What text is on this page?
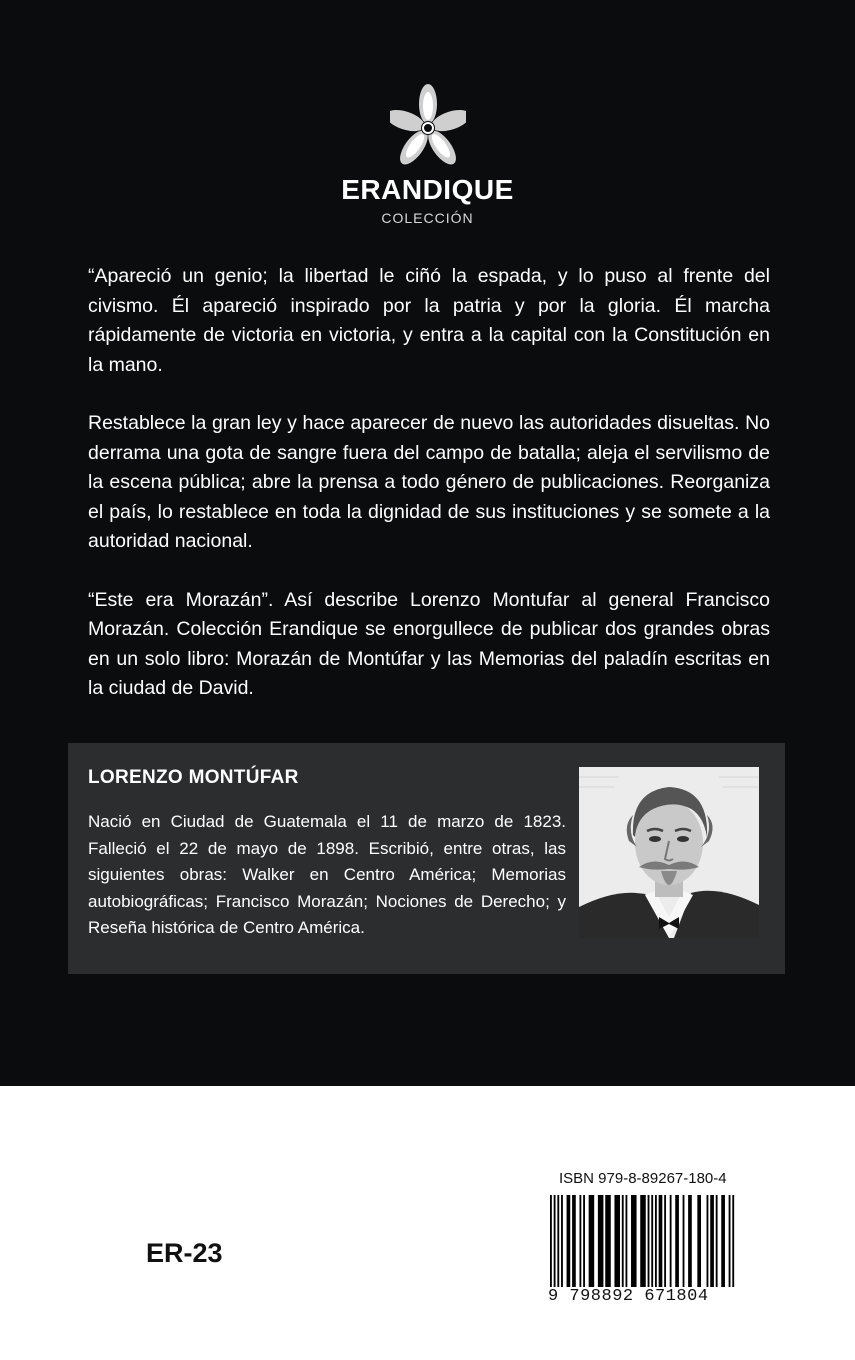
ERANDIQUE
COLECCIÓN

“Apareció un genio; la libertad le ciñó la espada, y lo puso al frente del civismo. Él apareció inspirado por la patria y por la gloria. Él marcha rápidamente de victoria en victoria, y entra a la capital con la Constitución en la mano.

Restablece la gran ley y hace aparecer de nuevo las autoridades disueltas. No derrama una gota de sangre fuera del campo de batalla; aleja el servilismo de la escena pública; abre la prensa a todo género de publicaciones. Reorganiza el país, lo restablece en toda la dignidad de sus instituciones y se somete a la autoridad nacional.

“Este era Morazán”. Así describe Lorenzo Montufar al general Francisco Morazán. Colección Erandique se enorgullece de publicar dos grandes obras en un solo libro: Morazán de Montúfar y las Memorias del paladín escritas en la ciudad de David.

LORENZO MONTÚFAR

Nació en Ciudad de Guatemala el 11 de marzo de 1823. Falleció el 22 de mayo de 1898. Escribió, entre otras, las siguientes obras: Walker en Centro América; Memorias autobiográficas; Francisco Morazán; Nociones de Derecho; y Reseña histórica de Centro América.

ER-23
ISBN 979-8-89267-180-4
9 798892 671804
